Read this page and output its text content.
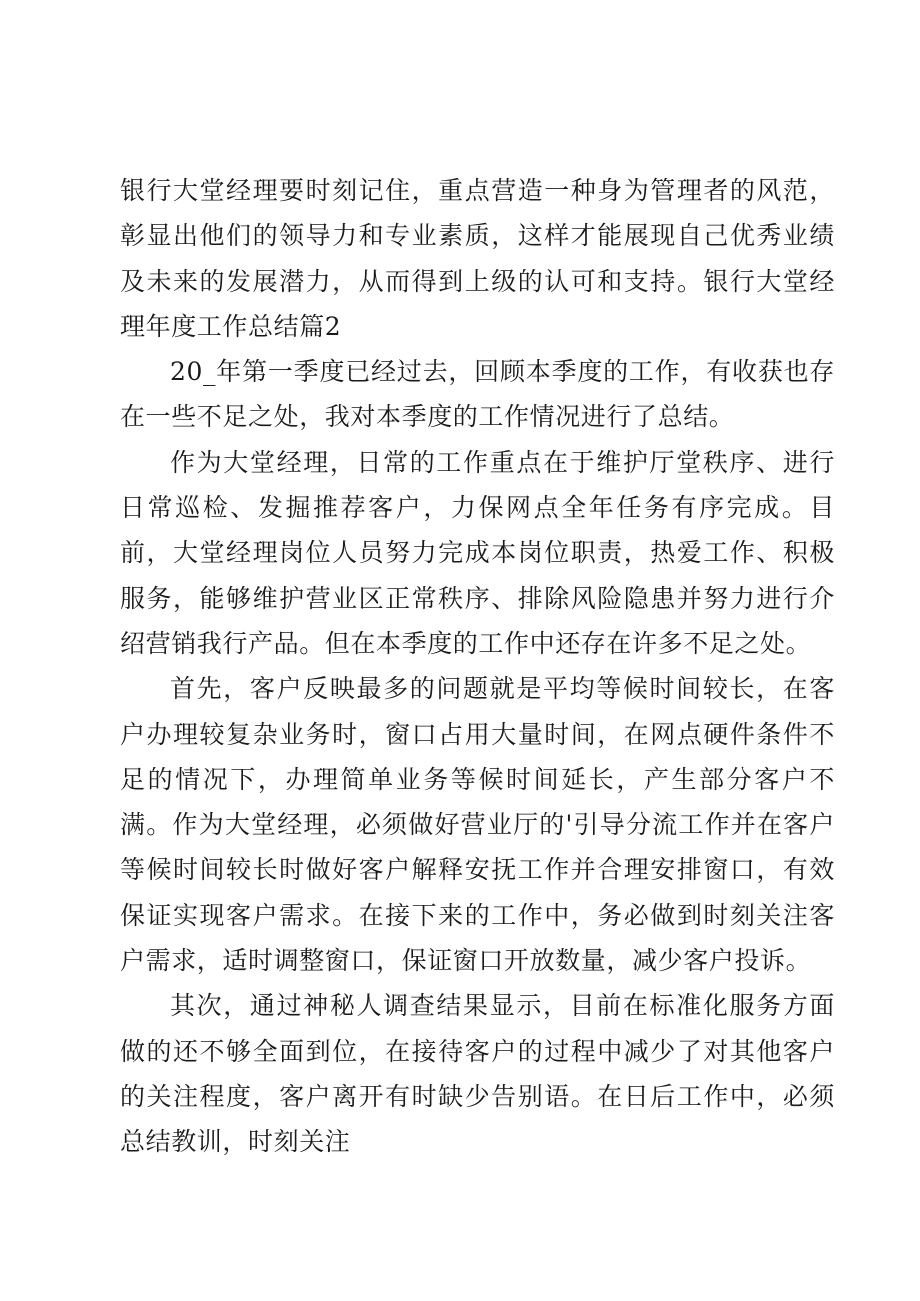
银行大堂经理要时刻记住，重点营造一种身为管理者的风范，彰显出他们的领导力和专业素质，这样才能展现自己优秀业绩及未来的发展潜力，从而得到上级的认可和支持。银行大堂经理年度工作总结篇2

20_年第一季度已经过去，回顾本季度的工作，有收获也存在一些不足之处，我对本季度的工作情况进行了总结。

作为大堂经理，日常的工作重点在于维护厅堂秩序、进行日常巡检、发掘推荐客户，力保网点全年任务有序完成。目前，大堂经理岗位人员努力完成本岗位职责，热爱工作、积极服务，能够维护营业区正常秩序、排除风险隐患并努力进行介绍营销我行产品。但在本季度的工作中还存在许多不足之处。

首先，客户反映最多的问题就是平均等候时间较长，在客户办理较复杂业务时，窗口占用大量时间，在网点硬件条件不足的情况下，办理简单业务等候时间延长，产生部分客户不满。作为大堂经理，必须做好营业厅的'引导分流工作并在客户等候时间较长时做好客户解释安抚工作并合理安排窗口，有效保证实现客户需求。在接下来的工作中，务必做到时刻关注客户需求，适时调整窗口，保证窗口开放数量，减少客户投诉。

其次，通过神秘人调查结果显示，目前在标准化服务方面做的还不够全面到位，在接待客户的过程中减少了对其他客户的关注程度，客户离开有时缺少告别语。在日后工作中，必须总结教训，时刻关注
